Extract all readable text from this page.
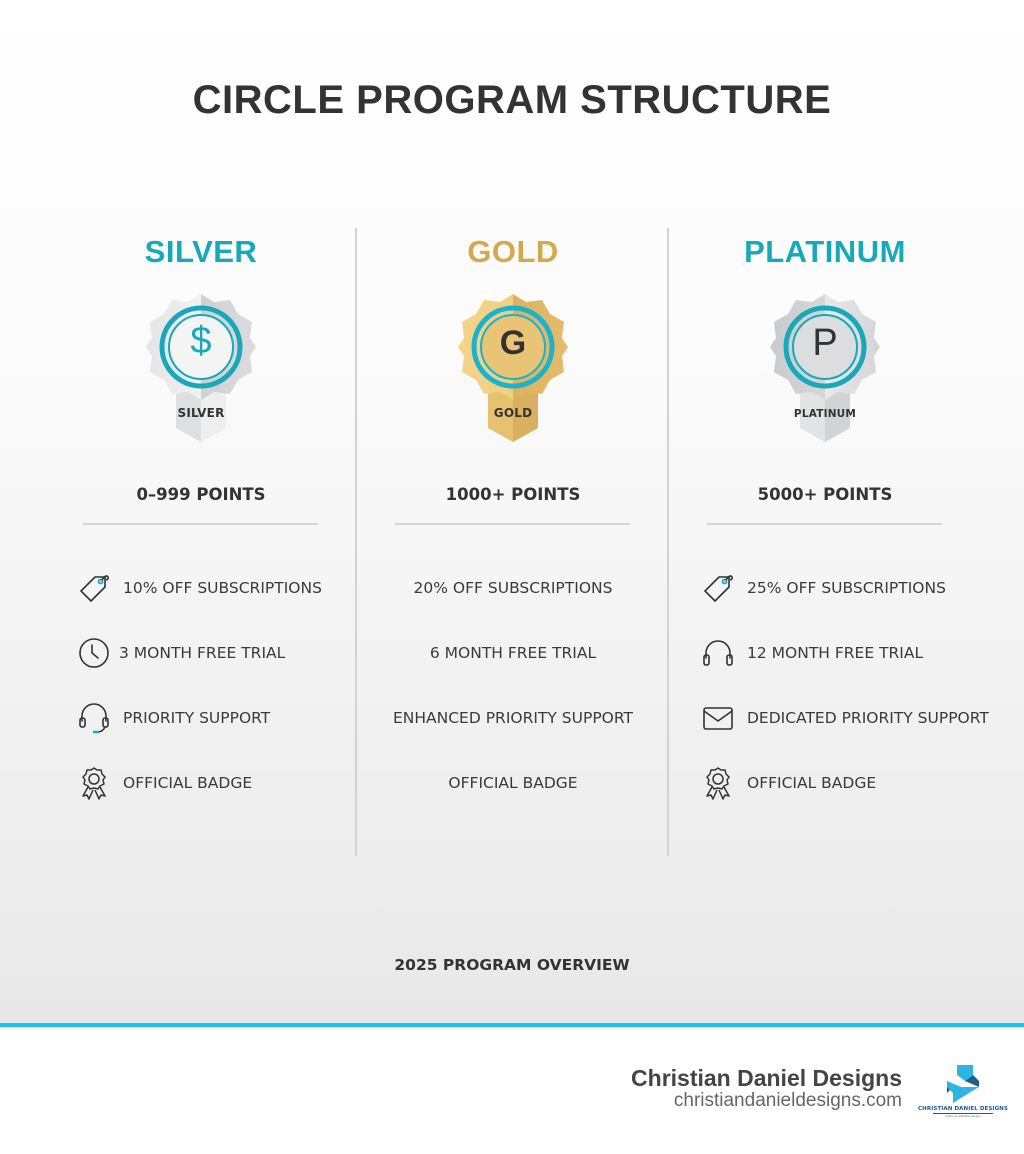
CIRCLE PROGRAM STRUCTURE
SILVER
$
SILVER
0–999 POINTS
10% OFF SUBSCRIPTIONS
3 MONTH FREE TRIAL
PRIORITY SUPPORT
OFFICIAL BADGE
GOLD
G
GOLD
1000+ POINTS
20% OFF SUBSCRIPTIONS
6 MONTH FREE TRIAL
ENHANCED PRIORITY SUPPORT
OFFICIAL BADGE
PLATINUM
P
PLATINUM
5000+ POINTS
25% OFF SUBSCRIPTIONS
12 MONTH FREE TRIAL
DEDICATED PRIORITY SUPPORT
OFFICIAL BADGE
2025 PROGRAM OVERVIEW
Christian Daniel Designs
christiandanieldesigns.com	CHRISTIAN DANIEL DESIGNS
video & website design
